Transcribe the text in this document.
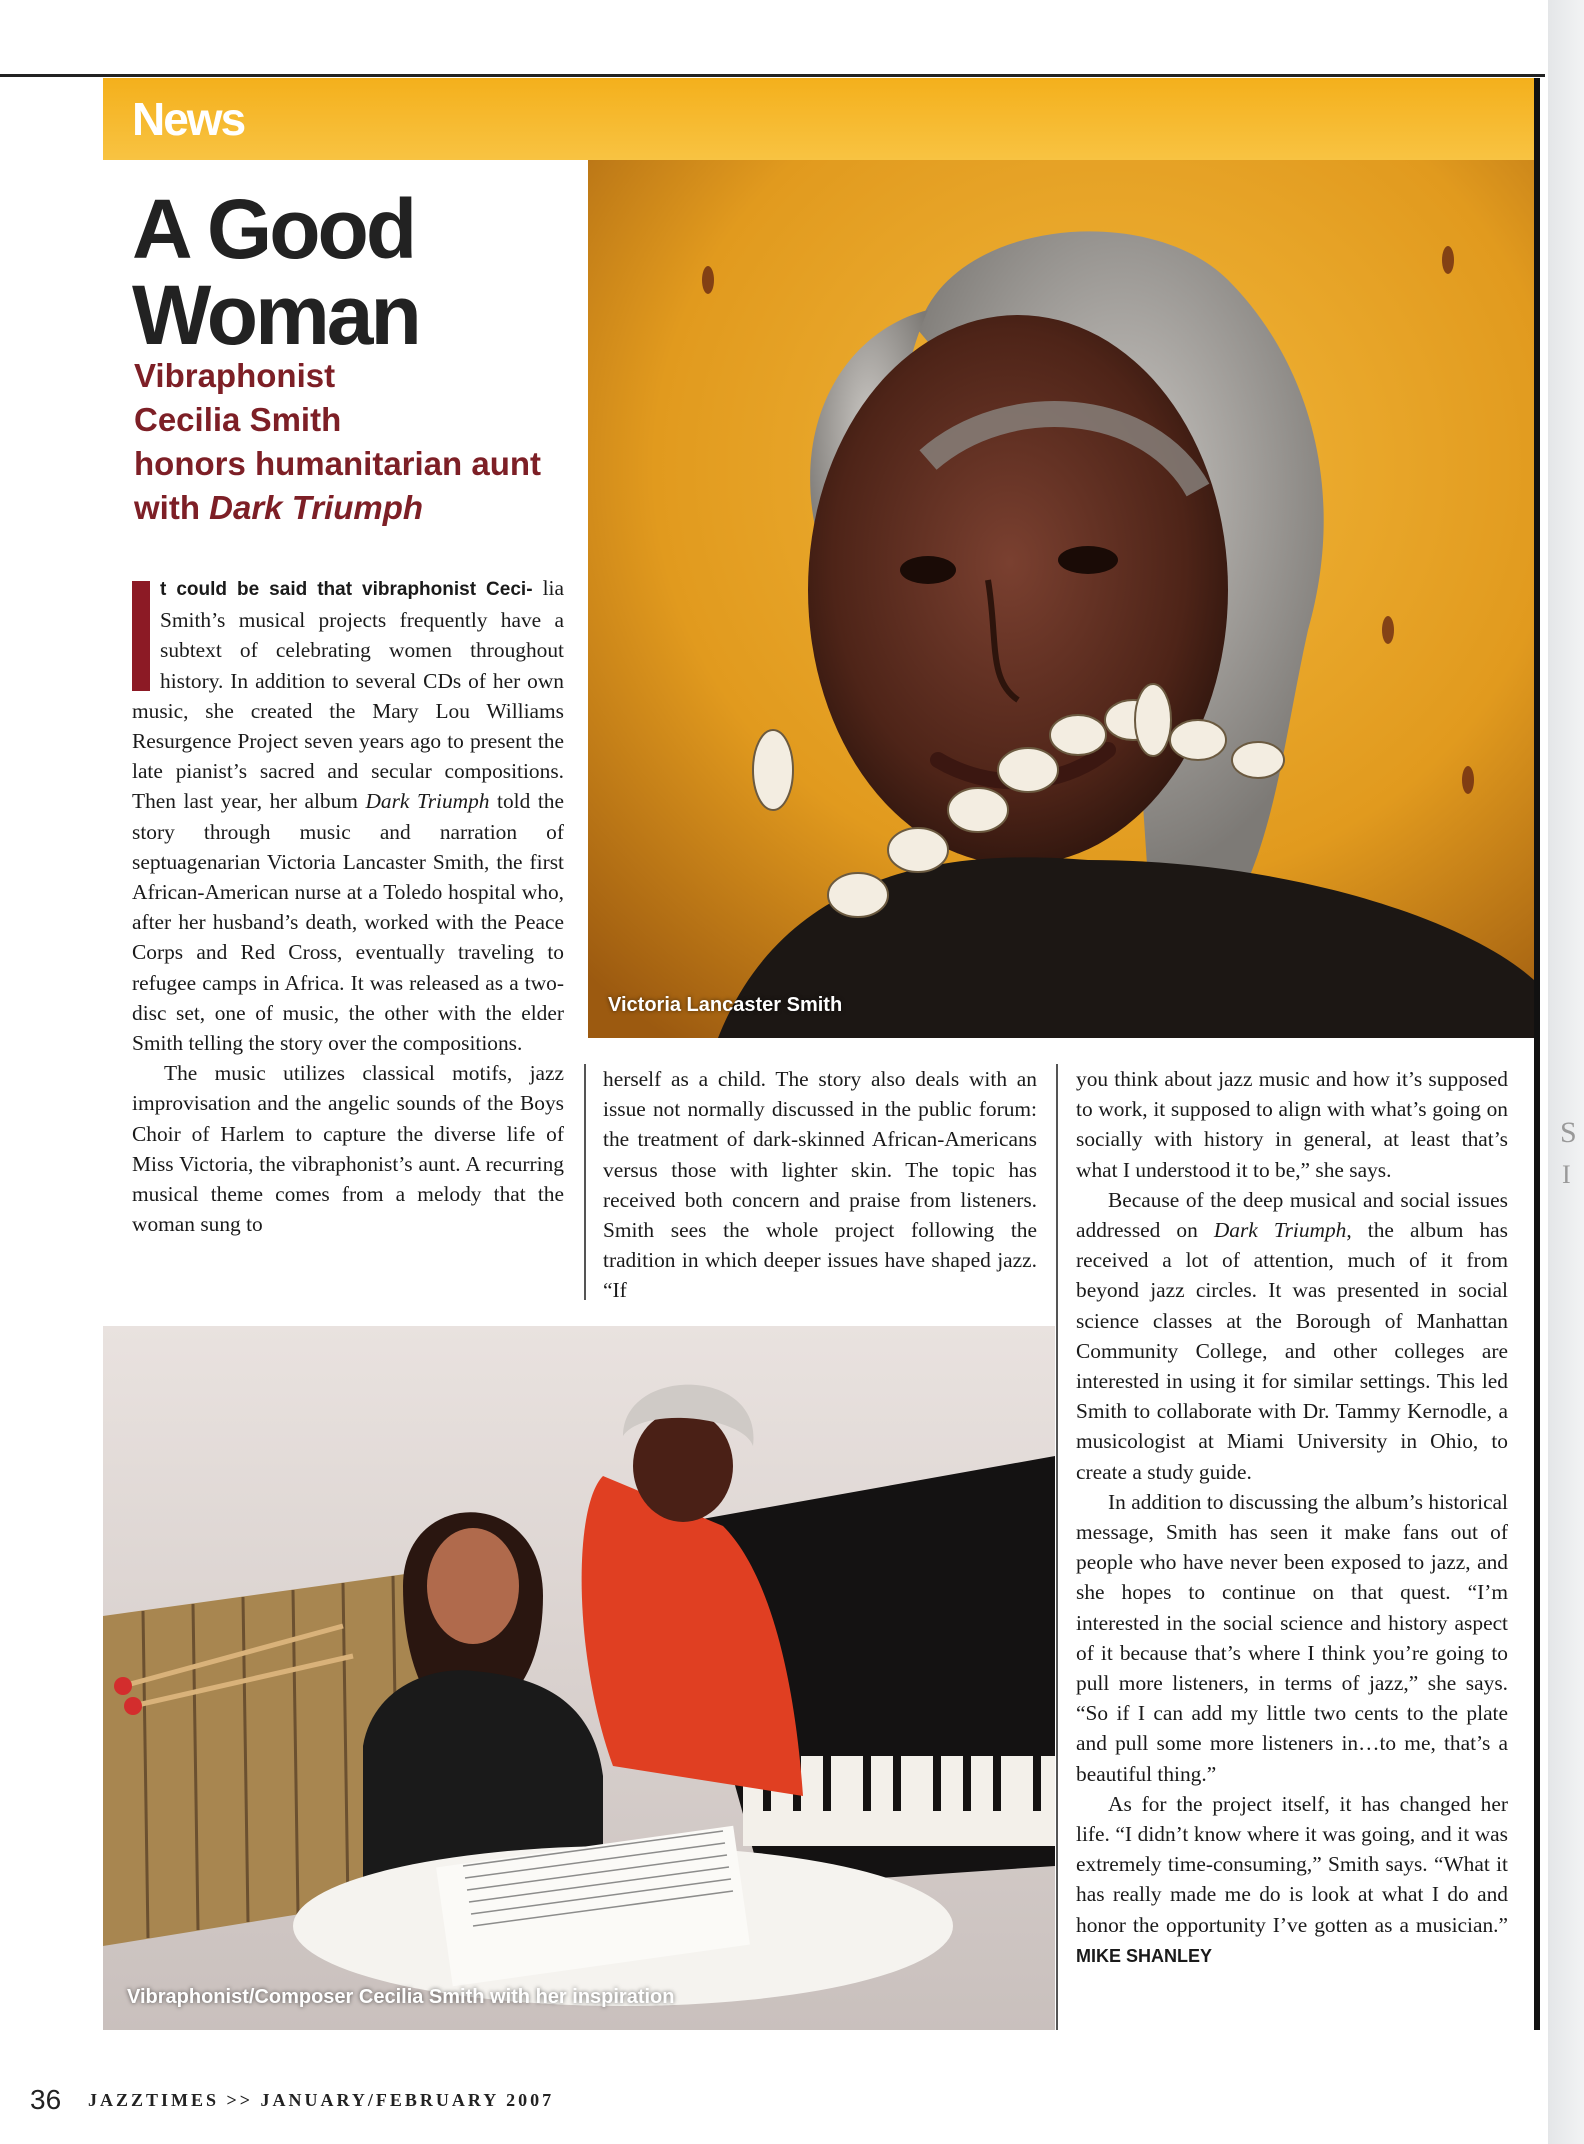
S
I
News
A Good Woman
Vibraphonist
Cecilia Smith
honors humanitarian aunt
with Dark Triumph
Victoria Lancaster Smith
Vibraphonist/Composer Cecilia Smith with her inspiration

t could be said that vibraphonist Ceci- lia Smith’s musical projects frequently have a subtext of celebrating women throughout history. In addition to several CDs of her own music, she created the Mary Lou Williams Resurgence Project seven years ago to present the late pianist’s sacred and secular compositions. Then last year, her album Dark Triumph told the story through music and narration of septuagenarian Victoria Lancaster Smith, the first African-American nurse at a Toledo hospital who, after her husband’s death, worked with the Peace Corps and Red Cross, eventually traveling to refugee camps in Africa. It was released as a two-disc set, one of music, the other with the elder Smith telling the story over the compositions.

The music utilizes classical motifs, jazz improvisation and the angelic sounds of the Boys Choir of Harlem to capture the diverse life of Miss Victoria, the vibraphonist’s aunt. A recurring musical theme comes from a melody that the woman sung to

herself as a child. The story also deals with an issue not normally discussed in the public forum: the treatment of dark-skinned African-Americans versus those with lighter skin. The topic has received both concern and praise from listeners. Smith sees the whole project following the tradition in which deeper issues have shaped jazz. “If

you think about jazz music and how it’s supposed to work, it supposed to align with what’s going on socially with history in general, at least that’s what I understood it to be,” she says.

Because of the deep musical and social issues addressed on Dark Triumph, the album has received a lot of attention, much of it from beyond jazz circles. It was presented in social science classes at the Borough of Manhattan Community College, and other colleges are interested in using it for similar settings. This led Smith to collaborate with Dr. Tammy Kernodle, a musicologist at Miami University in Ohio, to create a study guide.

In addition to discussing the album’s historical message, Smith has seen it make fans out of people who have never been exposed to jazz, and she hopes to continue on that quest. “I’m interested in the social science and history aspect of it because that’s where I think you’re going to pull more listeners, in terms of jazz,” she says. “So if I can add my little two cents to the plate and pull some more listeners in…to me, that’s a beautiful thing.”

As for the project itself, it has changed her life. “I didn’t know where it was going, and it was extremely time-consuming,” Smith says. “What it has really made me do is look at what I do and honor the opportunity I’ve gotten as a musician.” MIKE SHANLEY

36 JAZZTIMES >> JANUARY/FEBRUARY 2007
